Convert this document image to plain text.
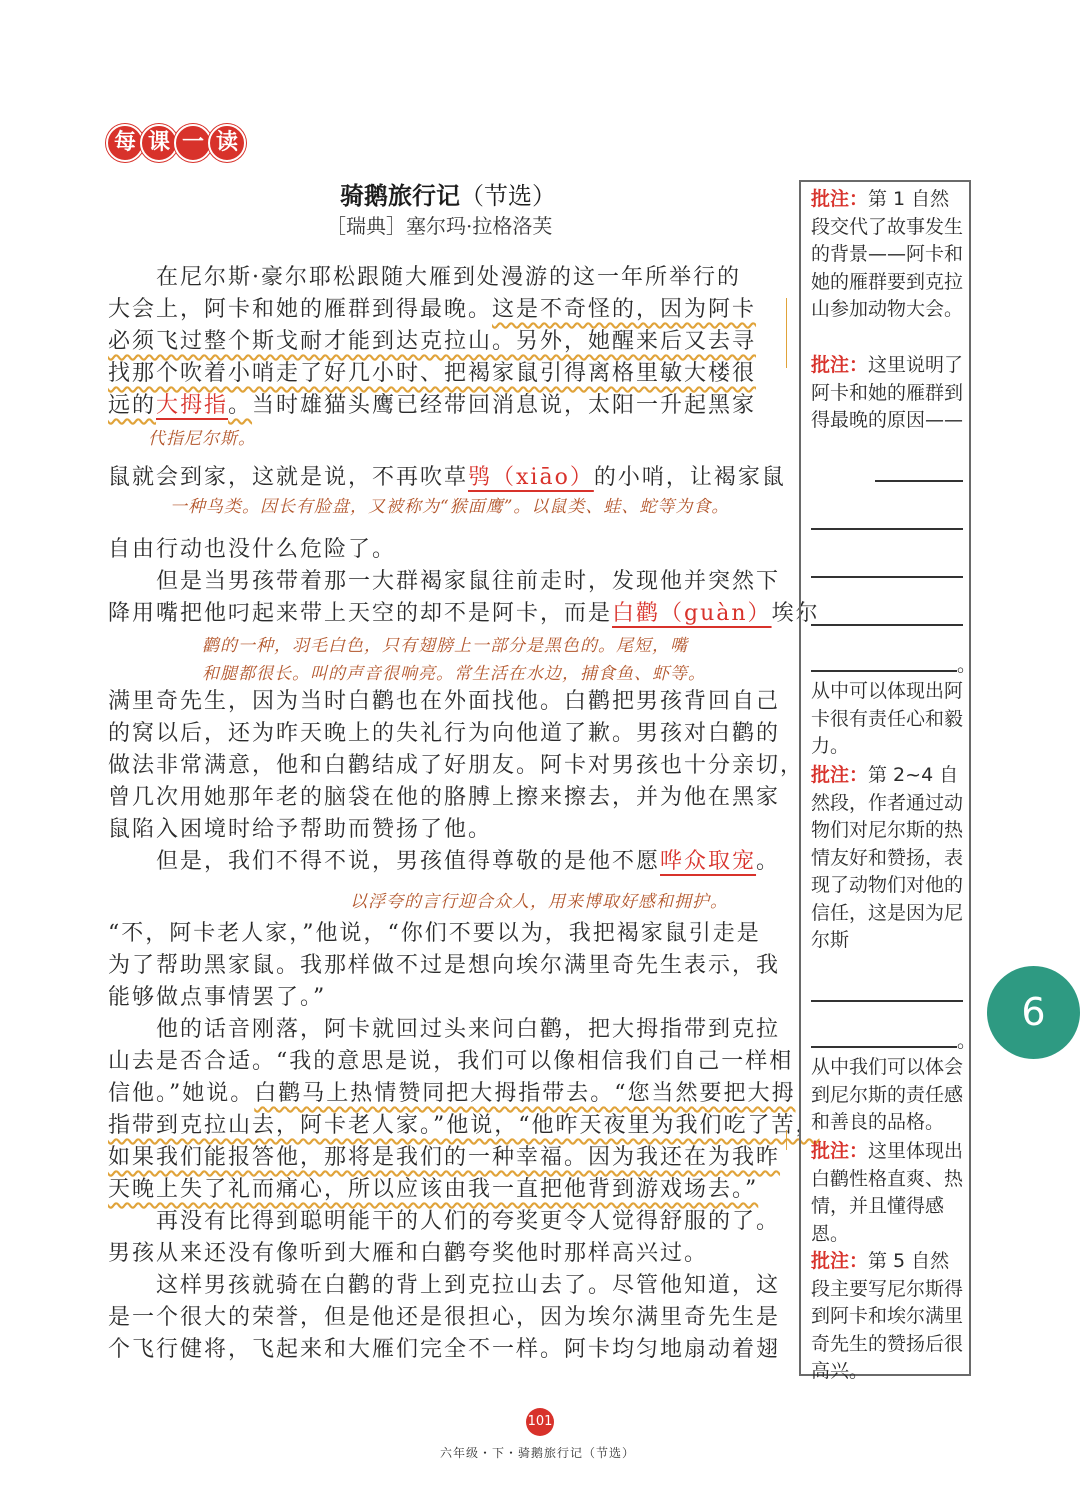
每 课 一 读
骑鹅旅行记（节选）
［瑞典］塞尔玛·拉格洛芙
　　在尼尔斯·豪尔耶松跟随大雁到处漫游的这一年所举行的
大会上，阿卡和她的雁群到得最晚。这是不奇怪的，因为阿卡
必须飞过整个斯戈耐才能到达克拉山。另外，她醒来后又去寻
找那个吹着小哨走了好几小时、把褐家鼠引得离格里敏大楼很
远的大拇指。当时雄猫头鹰已经带回消息说，太阳一升起黑家
鼠就会到家，这就是说，不再吹草鸮（xiāo）的小哨，让褐家鼠
自由行动也没什么危险了。
　　但是当男孩带着那一大群褐家鼠往前走时，发现他并突然下
降用嘴把他叼起来带上天空的却不是阿卡，而是白鹳（guàn）埃尔
满里奇先生，因为当时白鹳也在外面找他。白鹳把男孩背回自己
的窝以后，还为昨天晚上的失礼行为向他道了歉。男孩对白鹳的
做法非常满意，他和白鹳结成了好朋友。阿卡对男孩也十分亲切，
曾几次用她那年老的脑袋在他的胳膊上擦来擦去，并为他在黑家
鼠陷入困境时给予帮助而赞扬了他。
　　但是，我们不得不说，男孩值得尊敬的是他不愿哗众取宠。
“不，阿卡老人家，”他说，“你们不要以为，我把褐家鼠引走是
为了帮助黑家鼠。我那样做不过是想向埃尔满里奇先生表示，我
能够做点事情罢了。”
　　他的话音刚落，阿卡就回过头来问白鹳，把大拇指带到克拉
山去是否合适。“我的意思是说，我们可以像相信我们自己一样相
信他。”她说。白鹳马上热情赞同把大拇指带去。“您当然要把大拇
指带到克拉山去，阿卡老人家。”他说，“他昨天夜里为我们吃了苦，
如果我们能报答他，那将是我们的一种幸福。因为我还在为我昨
天晚上失了礼而痛心，所以应该由我一直把他背到游戏场去。”
　　再没有比得到聪明能干的人们的夸奖更令人觉得舒服的了。
男孩从来还没有像听到大雁和白鹳夸奖他时那样高兴过。
　　这样男孩就骑在白鹳的背上到克拉山去了。尽管他知道，这
是一个很大的荣誉，但是他还是很担心，因为埃尔满里奇先生是
个飞行健将，飞起来和大雁们完全不一样。阿卡均匀地扇动着翅
代指尼尔斯。
一种鸟类。因长有脸盘，又被称为“猴面鹰”。以鼠类、蛙、蛇等为食。
鹳的一种，羽毛白色，只有翅膀上一部分是黑色的。尾短，嘴
和腿都很长。叫的声音很响亮。常生活在水边，捕食鱼、虾等。
以浮夸的言行迎合众人，用来博取好感和拥护。
批注：第 1 自然段交代了故事发生的背景——阿卡和她的雁群要到克拉山参加动物大会。
批注：这里说明了阿卡和她的雁群到得最晚的原因——
。
从中可以体现出阿卡很有责任心和毅力。
批注：第 2~4 自然段，作者通过动物们对尼尔斯的热情友好和赞扬，表现了动物们对他的信任，这是因为尼尔斯
。
从中我们可以体会到尼尔斯的责任感和善良的品格。
批注：这里体现出白鹳性格直爽、热情，并且懂得感恩。
批注：第 5 自然段主要写尼尔斯得到阿卡和埃尔满里奇先生的赞扬后很高兴。
6
101
六年级・下・骑鹅旅行记（节选）
